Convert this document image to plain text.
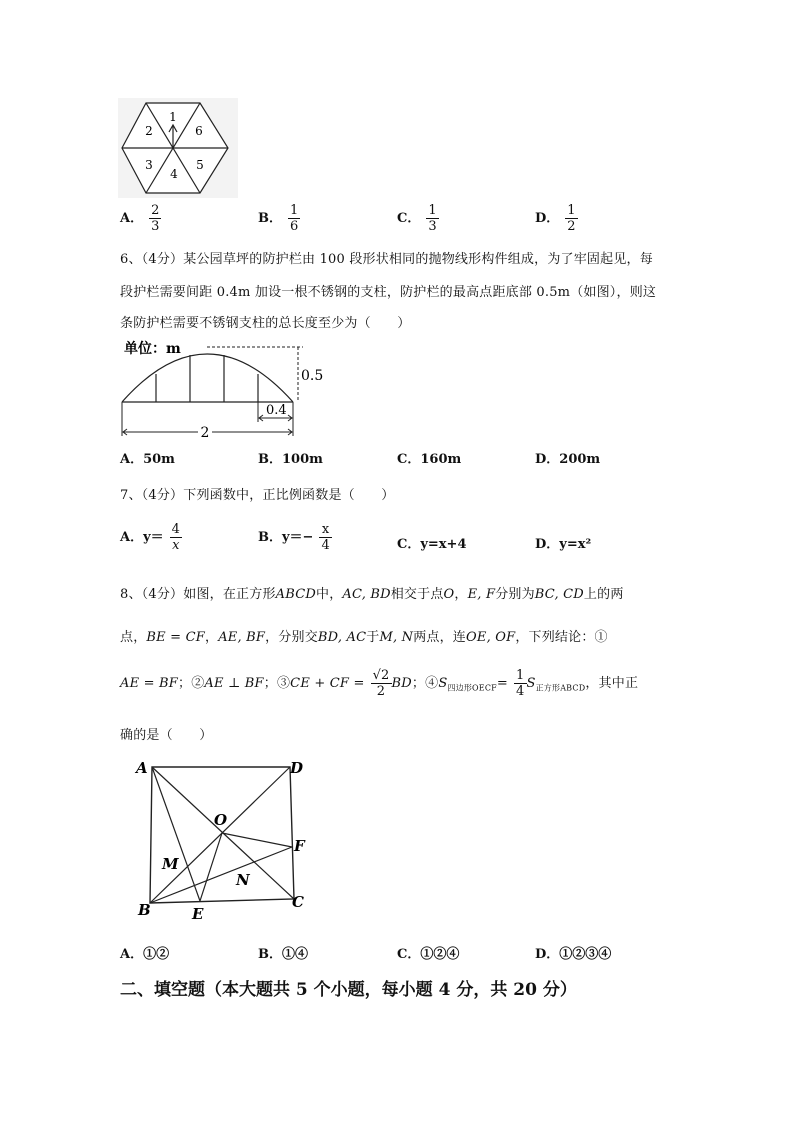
1
2	6
3	5
4
A． $\frac{2}{3}$	B． $\frac{1}{6}$	C． $\frac{1}{3}$	D． $\frac{1}{2}$
6、（4分）某公园草坪的防护栏由 100 段形状相同的抛物线形构件组成，为了牢固起见，每
段护栏需要间距 0.4m 加设一根不锈钢的支柱，防护栏的最高点距底部 0.5m（如图），则这
条防护栏需要不锈钢支柱的总长度至少为（　　）
单位：m
0.5
0.4
2
A．50m	B．100m	C．160m	D．200m
7、（4分）下列函数中，正比例函数是（　　）
A．$y= \frac{4}{x}$	B．$y=- \frac{x}{4}$	C．y=x+4	D．y=x²
8、（4分）如图，在正方形ABCD中，AC, BD相交于点O，E, F分别为BC, CD上的两
点，BE = CF，AE, BF，分别交BD, AC于M, N两点，连OE, OF，下列结论：①
AE = BF；②AE ⊥ BF；③CE + CF = $\frac{√2}{2}$ BD；$④S_{四边形OECF}= \frac{1}{4} S_{正方形ABCD}$，其中正
确的是（　　）
A	D
C
B
O
F
E
M
N
A．①②	B．①④	C．①②④	D．①②③④
二、填空题（本大题共 5 个小题，每小题 4 分，共 20 分）
